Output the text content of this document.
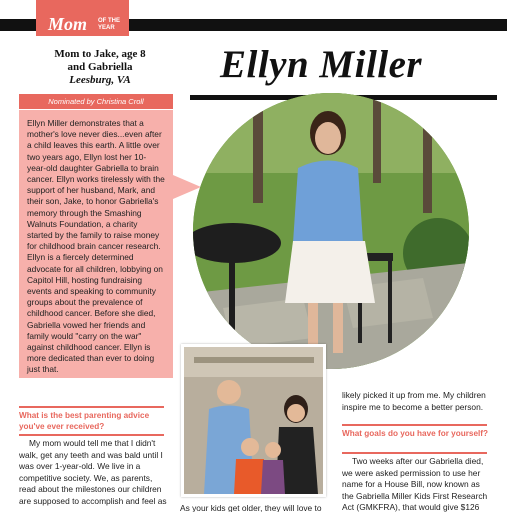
Mom OF THE
YEAR
Mom to Jake, age 8
and Gabriella
Leesburg, VA	Ellyn Miller
Nominated by Christina Croll

Ellyn Miller demonstrates that a mother's love never dies...even after a child leaves this earth. A little over two years ago, Ellyn lost her 10-year-old daughter Gabriella to brain cancer. Ellyn works tirelessly with the support of her husband, Mark, and their son, Jake, to honor Gabriella's memory through the Smashing Walnuts Foundation, a charity started by the family to raise money for childhood brain cancer research. Ellyn is a fiercely determined advocate for all children, lobbying on Capitol Hill, hosting fundraising events and speaking to community groups about the prevalence of childhood cancer. Before she died, Gabriella vowed her friends and family would "carry on the war" against childhood cancer. Ellyn is more dedicated than ever to doing just that.

What is the best parenting advice you've ever received?
My mom would tell me that I didn't walk, get any teeth and was bald until I was over 1-year-old. We live in a competitive society. We, as parents, read about the milestones our children are supposed to accomplish and feel as
As your kids get older, they will love to
likely picked it up from me. My children inspire me to become a better person.
What goals do you have for yourself?
Two weeks after our Gabriella died, we were asked permission to use her name for a House Bill, now known as the Gabriella Miller Kids First Research Act (GMKFRA), that would give $126
